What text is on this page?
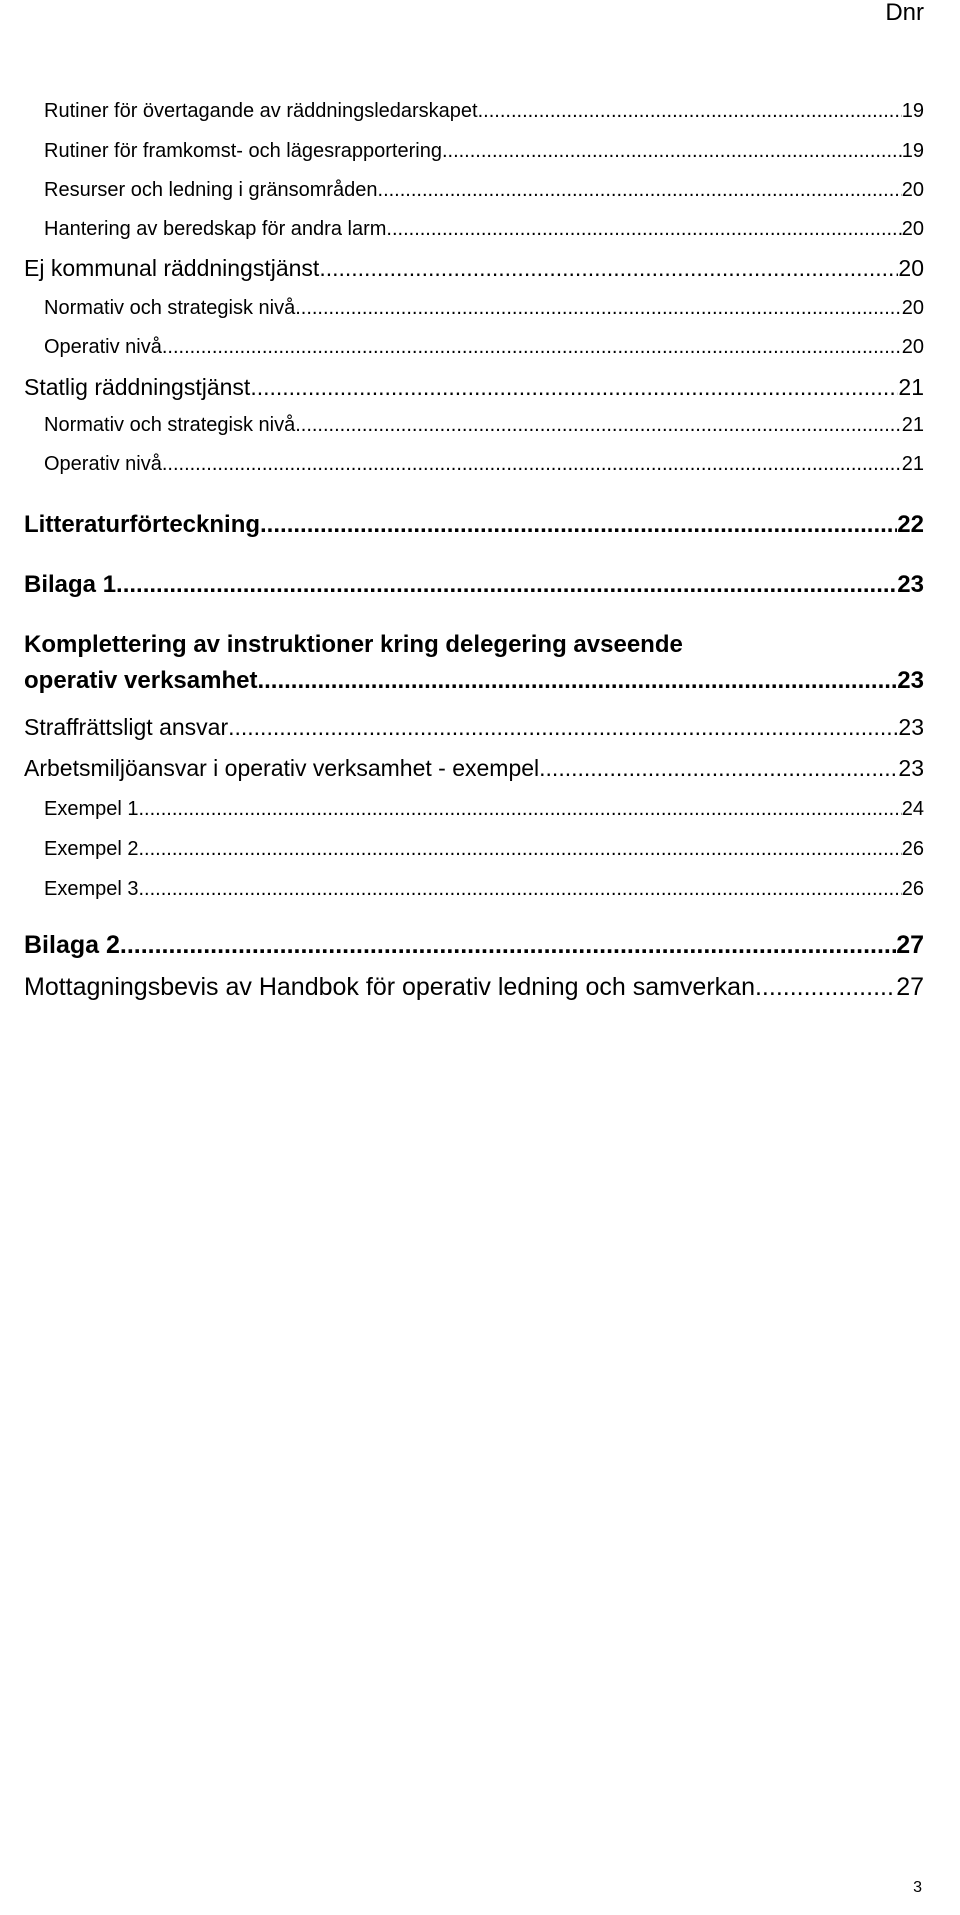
Dnr
Rutiner för övertagande av räddningsledarskapet .....	19
Rutiner för framkomst- och lägesrapportering .....	19
Resurser och ledning i gränsområden .....	20
Hantering av beredskap för andra larm .....	20
Ej kommunal räddningstjänst .....	20
Normativ och strategisk nivå .....	20
Operativ nivå .....	20
Statlig räddningstjänst .....	21
Normativ och strategisk nivå .....	21
Operativ nivå .....	21
Litteraturförteckning .....	22
Bilaga 1 .....	23
Komplettering av instruktioner kring delegering avseende
operativ verksamhet .....	23
Straffrättsligt ansvar .....	23
Arbetsmiljöansvar i operativ verksamhet - exempel .....	23
Exempel 1 .....	24
Exempel 2 .....	26
Exempel 3 .....	26
Bilaga 2 .....	27
Mottagningsbevis av Handbok för operativ ledning och samverkan .....	27
3
